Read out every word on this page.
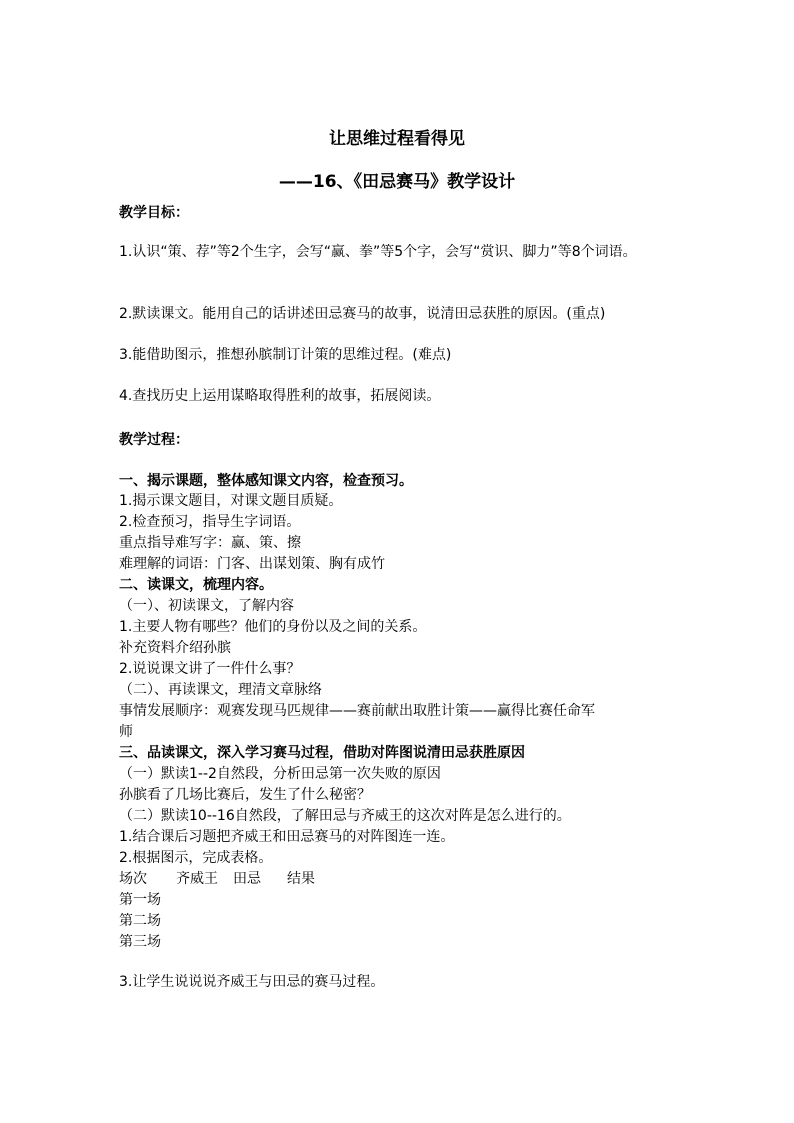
让思维过程看得见
——16、《田忌赛马》教学设计
教学目标：
1.认识“策、荐”等2个生字，会写“赢、拳”等5个字，会写“赏识、脚力”等8个词语。
2.默读课文。能用自己的话讲述田忌赛马的故事，说清田忌获胜的原因。(重点)
3.能借助图示，推想孙膑制订计策的思维过程。(难点)
4.查找历史上运用谋略取得胜利的故事，拓展阅读。
教学过程：
一、揭示课题，整体感知课文内容，检查预习。
1.揭示课文题目，对课文题目质疑。
2.检查预习，指导生字词语。
重点指导难写字：赢、策、擦
难理解的词语：门客、出谋划策、胸有成竹
二、读课文，梳理内容。
（一）、初读课文，了解内容
1.主要人物有哪些？他们的身份以及之间的关系。
补充资料介绍孙膑
2.说说课文讲了一件什么事？
（二）、再读课文，理清文章脉络
事情发展顺序：观赛发现马匹规律——赛前献出取胜计策——赢得比赛任命军
师
三、品读课文，深入学习赛马过程，借助对阵图说清田忌获胜原因
（一）默读1--2自然段，分析田忌第一次失败的原因
孙膑看了几场比赛后，发生了什么秘密？
（二）默读10--16自然段，了解田忌与齐威王的这次对阵是怎么进行的。
1.结合课后习题把齐威王和田忌赛马的对阵图连一连。
2.根据图示，完成表格。
场次 齐威王 田忌 结果
第一场
第二场
第三场
3.让学生说说说齐威王与田忌的赛马过程。
